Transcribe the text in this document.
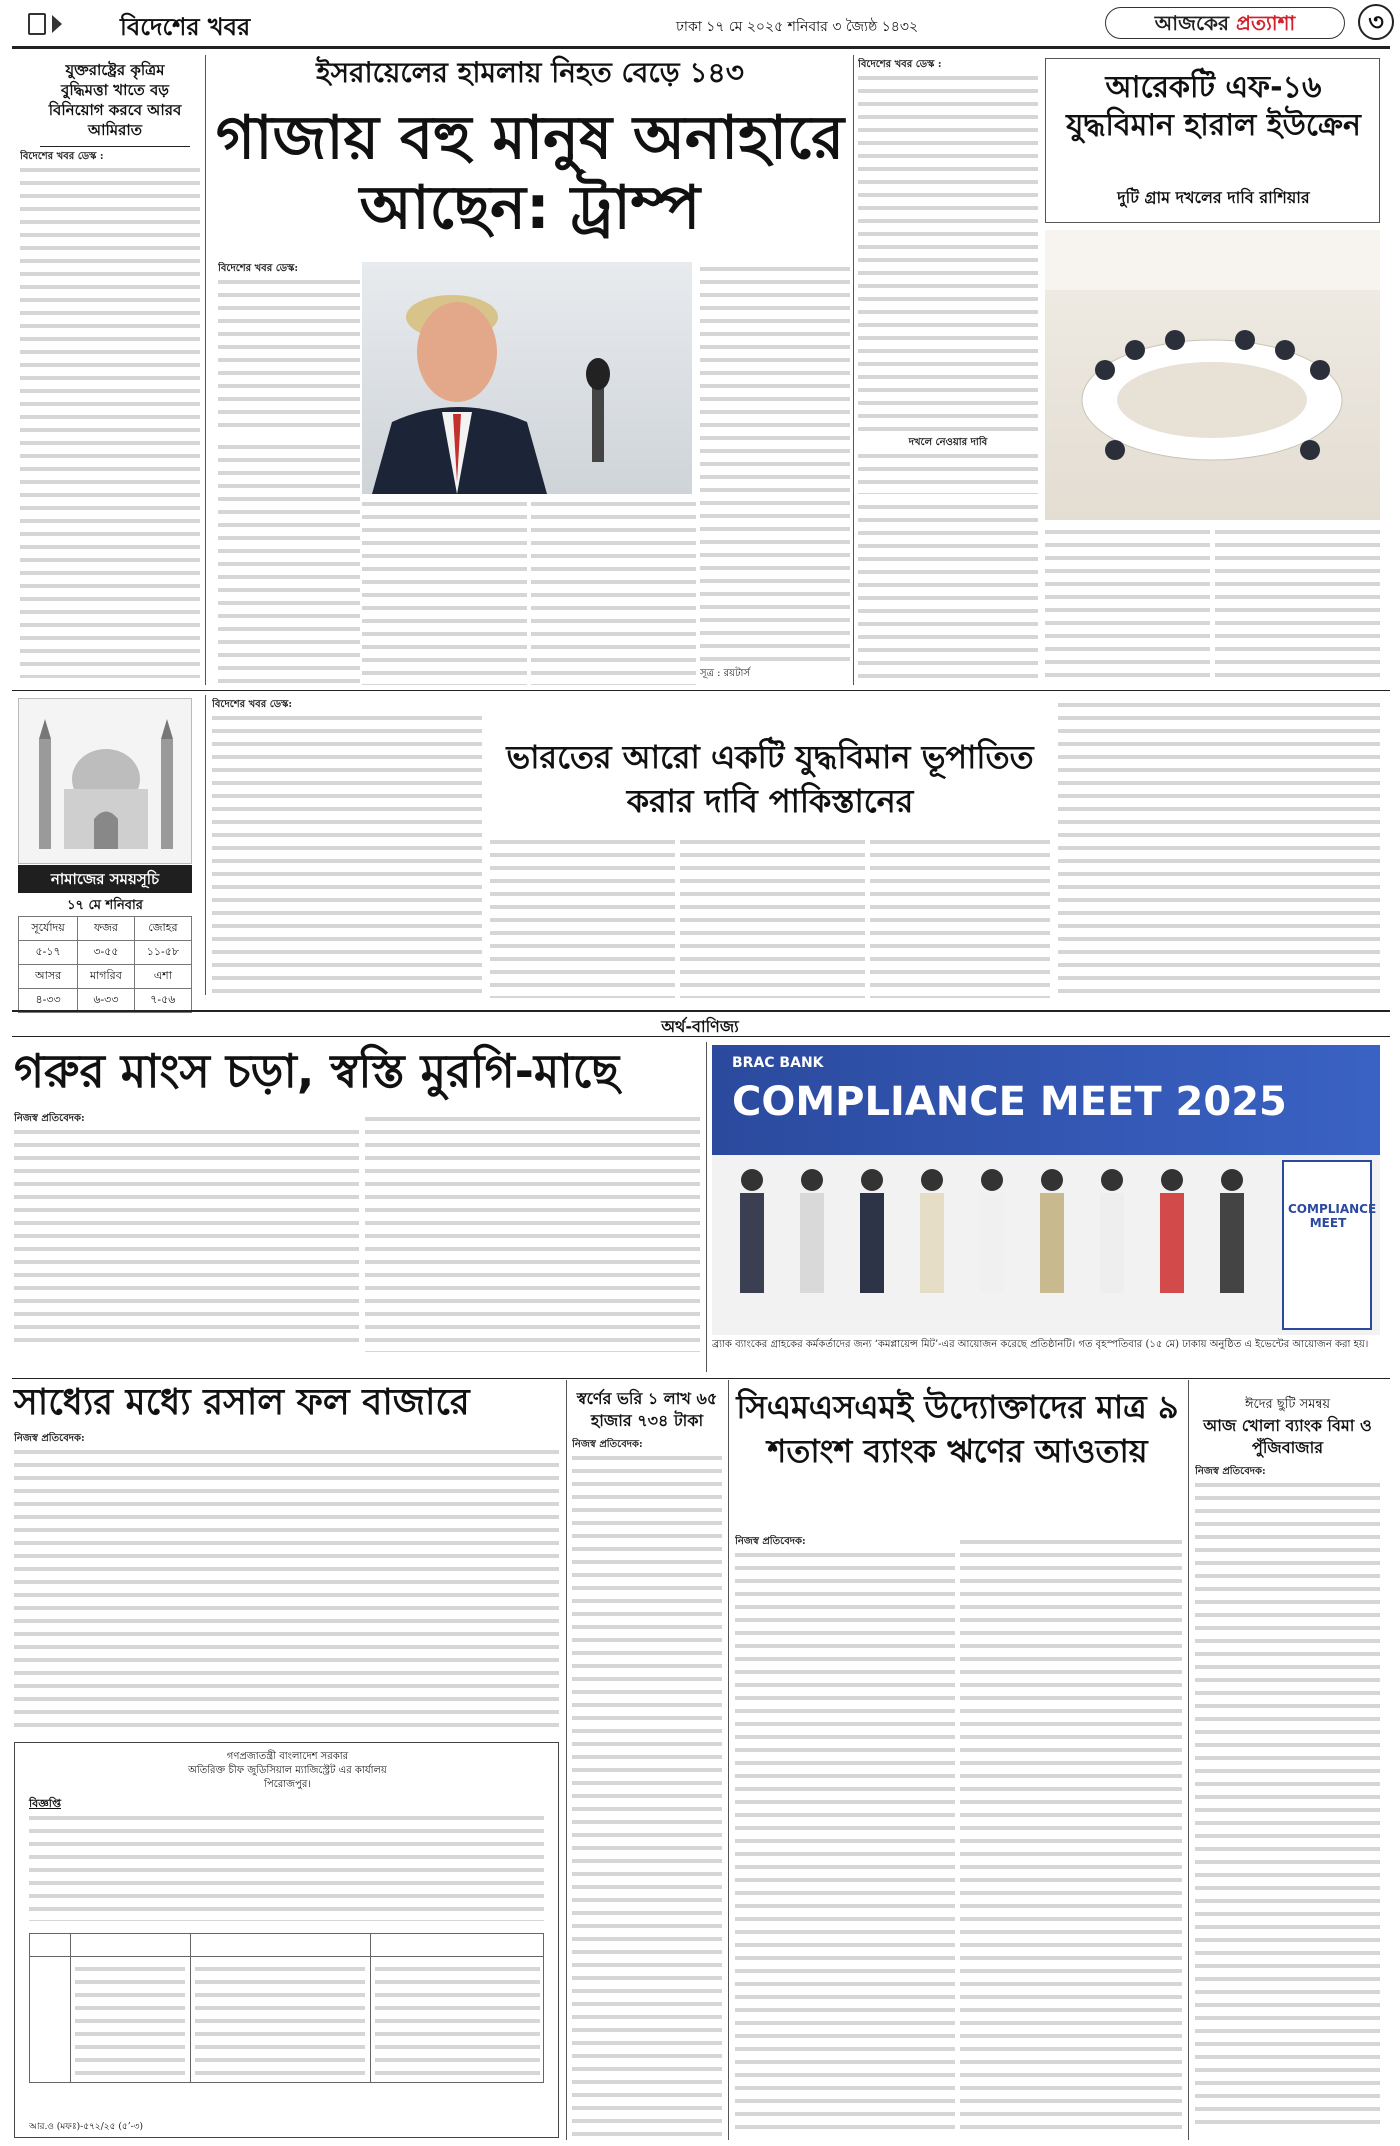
বিদেশের খবর	ঢাকা ১৭ মে ২০২৫ শনিবার ৩ জ্যৈষ্ঠ ১৪৩২	আজকের প্রত্যাশা	৩
যুক্তরাষ্ট্রের কৃত্রিম বুদ্ধিমত্তা খাতে বড় বিনিয়োগ করবে আরব আমিরাত
বিদেশের খবর ডেস্ক :
ইসরায়েলের হামলায় নিহত বেড়ে ১৪৩
গাজায় বহু মানুষ অনাহারে আছেন: ট্রাম্প
বিদেশের খবর ডেস্ক:
সূত্র : রয়টার্স
বিদেশের খবর ডেস্ক :
আরেকটি এফ-১৬ যুদ্ধবিমান হারাল ইউক্রেন
দুটি গ্রাম দখলের দাবি রাশিয়ার
দখলে নেওয়ার দাবি
নামাজের সময়সূচি
১৭ মে শনিবার
সূর্যোদয়	ফজর	জোহর
৫-১৭	৩-৫৫	১১-৫৮
আসর	মাগরিব	এশা
৪-৩৩	৬-৩৩	৭-৫৬
বিদেশের খবর ডেস্ক:
ভারতের আরো একটি যুদ্ধবিমান ভূপাতিত করার দাবি পাকিস্তানের
অর্থ-বাণিজ্য
গরুর মাংস চড়া, স্বস্তি মুরগি-মাছে
নিজস্ব প্রতিবেদক:
BRAC BANK
COMPLIANCE MEET 2025
COMPLIANCE MEET
ব্র্যাক ব্যাংকের গ্রাহকের কর্মকর্তাদের জন্য ‘কমপ্লায়েন্স মিট’-এর আয়োজন করেছে প্রতিষ্ঠানটি। গত বৃহস্পতিবার (১৫ মে) ঢাকায় অনুষ্ঠিত এ ইভেন্টের আয়োজন করা হয়।
সাধ্যের মধ্যে রসাল ফল বাজারে
নিজস্ব প্রতিবেদক:
স্বর্ণের ভরি ১ লাখ ৬৫ হাজার ৭৩৪ টাকা
নিজস্ব প্রতিবেদক:
সিএমএসএমই উদ্যোক্তাদের মাত্র ৯ শতাংশ ব্যাংক ঋণের আওতায়
নিজস্ব প্রতিবেদক:
ঈদের ছুটি সমন্বয়
আজ খোলা ব্যাংক বিমা ও পুঁজিবাজার
নিজস্ব প্রতিবেদক:
গণপ্রজাতন্ত্রী বাংলাদেশ সরকার
অতিরিক্ত চীফ জুডিসিয়াল ম্যাজিস্ট্রেট এর কার্যালয়
পিরোজপুর।
বিজ্ঞপ্তি
আর.ও (মফঃ)-৫৭২/২৫ (৫’-৩)
